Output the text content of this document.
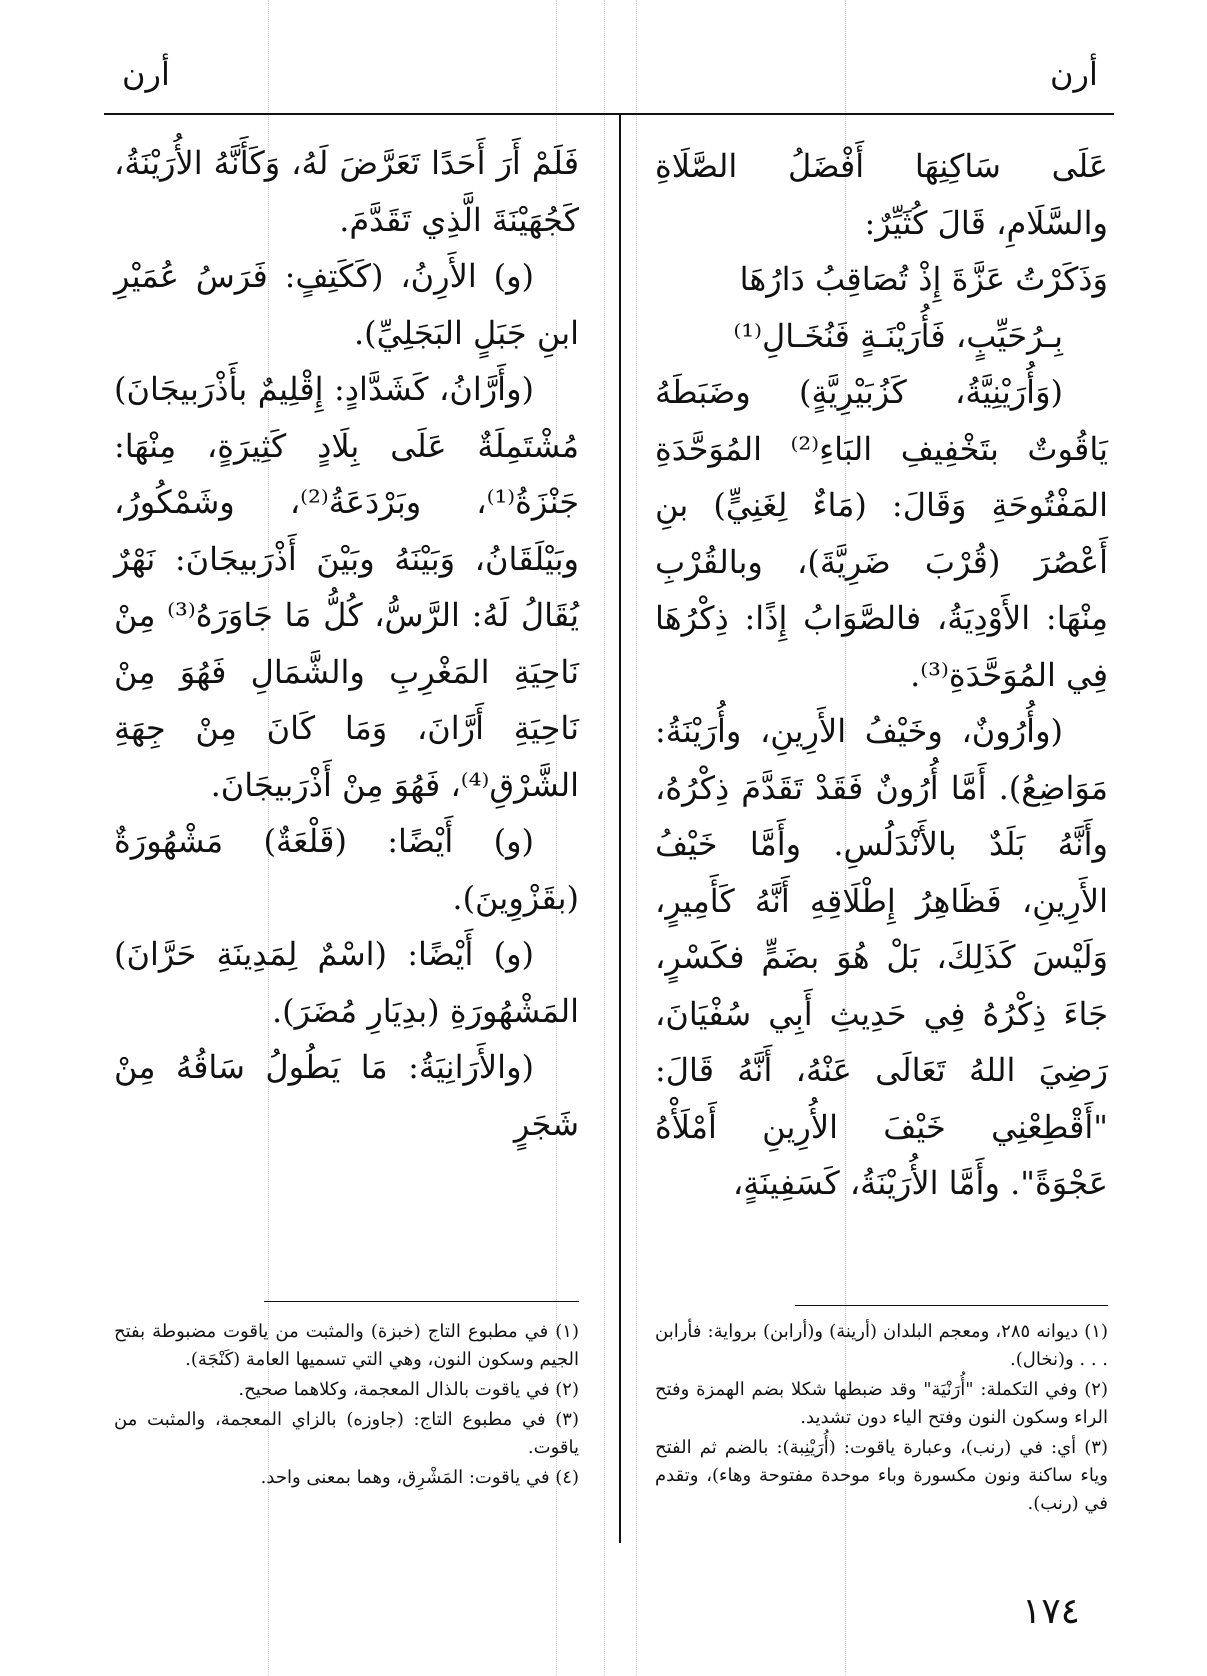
أرن
أرن

عَلَى سَاكِنِهَا أَفْضَلُ الصَّلَاةِ والسَّلَامِ، قَالَ كُثَيِّرٌ:

وَذَكَرْتُ عَزَّةَ إِذْ تُصَاقِبُ دَارُهَا

بِـرُحَيِّبٍ، فَأُرَيْنَـةٍ فَنُخَـالِ⁽¹⁾

(وَأُرَيْنِيَّةُ، كَزُبَيْرِيَّةٍ) وضَبَطَهُ يَاقُوتٌ بتَخْفِيفِ البَاءِ⁽²⁾ المُوَحَّدَةِ المَفْتُوحَةِ وَقَالَ: (مَاءٌ لِغَنِيٍّ) بنِ أَعْصُرَ (قُرْبَ ضَرِيَّةَ)، وبالقُرْبِ مِنْهَا: الأَوْدِيَةُ، فالصَّوَابُ إِذًا: ذِكْرُهَا فِي المُوَحَّدَةِ⁽³⁾.

(وأُرُونٌ، وخَيْفُ الأَرِينِ، وأُرَيْنَةُ: مَوَاضِعُ). أَمَّا أُرُونٌ فَقَدْ تَقَدَّمَ ذِكْرُهُ، وأَنَّهُ بَلَدٌ بالأَنْدَلُسِ. وأَمَّا خَيْفُ الأَرِينِ، فَظَاهِرُ إِطْلَاقِهِ أَنَّهُ كَأَمِيرٍ، وَلَيْسَ كَذَلِكَ، بَلْ هُوَ بضَمٍّ فكَسْرٍ، جَاءَ ذِكْرُهُ فِي حَدِيثِ أَبِي سُفْيَانَ، رَضِيَ اللهُ تَعَالَى عَنْهُ، أَنَّهُ قَالَ: "أَقْطِعْنِي خَيْفَ الأُرِينِ أَمْلَأْهُ عَجْوَةً". وأَمَّا الأُرَيْنَةُ، كَسَفِينَةٍ،

فَلَمْ أَرَ أَحَدًا تَعَرَّضَ لَهُ، وَكَأَنَّهُ الأُرَيْنَةُ، كَجُهَيْنَةَ الَّذِي تَقَدَّمَ.

(و) الأَرِنُ، (كَكَتِفٍ: فَرَسُ عُمَيْرِ ابنِ جَبَلٍ البَجَلِيِّ).

(وأَرَّانُ، كَشَدَّادٍ: إِقْلِيمٌ بأَذْرَبيجَانَ) مُشْتَمِلَةٌ عَلَى بِلَادٍ كَثِيرَةٍ، مِنْهَا: جَنْزَةُ⁽¹⁾، وبَرْدَعَةُ⁽²⁾، وشَمْكُورُ، وبَيْلَقَانُ، وَبَيْنَهُ وبَيْنَ أَذْرَبيجَانَ: نَهْرٌ يُقَالُ لَهُ: الرَّسُّ، كُلُّ مَا جَاوَرَهُ⁽³⁾ مِنْ نَاحِيَةِ المَغْرِبِ والشَّمَالِ فَهُوَ مِنْ نَاحِيَةِ أَرَّانَ، وَمَا كَانَ مِنْ جِهَةِ الشَّرْقِ⁽⁴⁾، فَهُوَ مِنْ أَذْرَبيجَانَ.

(و) أَيْضًا: (قَلْعَةٌ) مَشْهُورَةٌ (بقَزْوِينَ).

(و) أَيْضًا: (اسْمٌ لِمَدِينَةِ حَرَّانَ) المَشْهُورَةِ (بدِيَارِ مُضَرَ).

(والأَرَانِيَةُ: مَا يَطُولُ سَاقُهُ مِنْ شَجَرٍ

(١) ديوانه ٢٨٥، ومعجم البلدان (أرينة) و(أرابن) برواية: فأرابن . . . و(نخال).

(٢) وفي التكملة: "أُرَنْيَة" وقد ضبطها شكلا بضم الهمزة وفتح الراء وسكون النون وفتح الياء دون تشديد.

(٣) أي: في (رنب)، وعبارة ياقوت: (أُرَيْنِبة): بالضم ثم الفتح وياء ساكنة ونون مكسورة وباء موحدة مفتوحة وهاء)، وتقدم في (رنب).

(١) في مطبوع التاج (خبزة) والمثبت من ياقوت مضبوطة بفتح الجيم وسكون النون، وهي التي تسميها العامة (كَنْجَة).

(٢) في ياقوت بالذال المعجمة، وكلاهما صحيح.

(٣) في مطبوع التاج: (جاوزه) بالزاي المعجمة، والمثبت من ياقوت.

(٤) في ياقوت: المَشْرِق، وهما بمعنى واحد.

١٧٤
